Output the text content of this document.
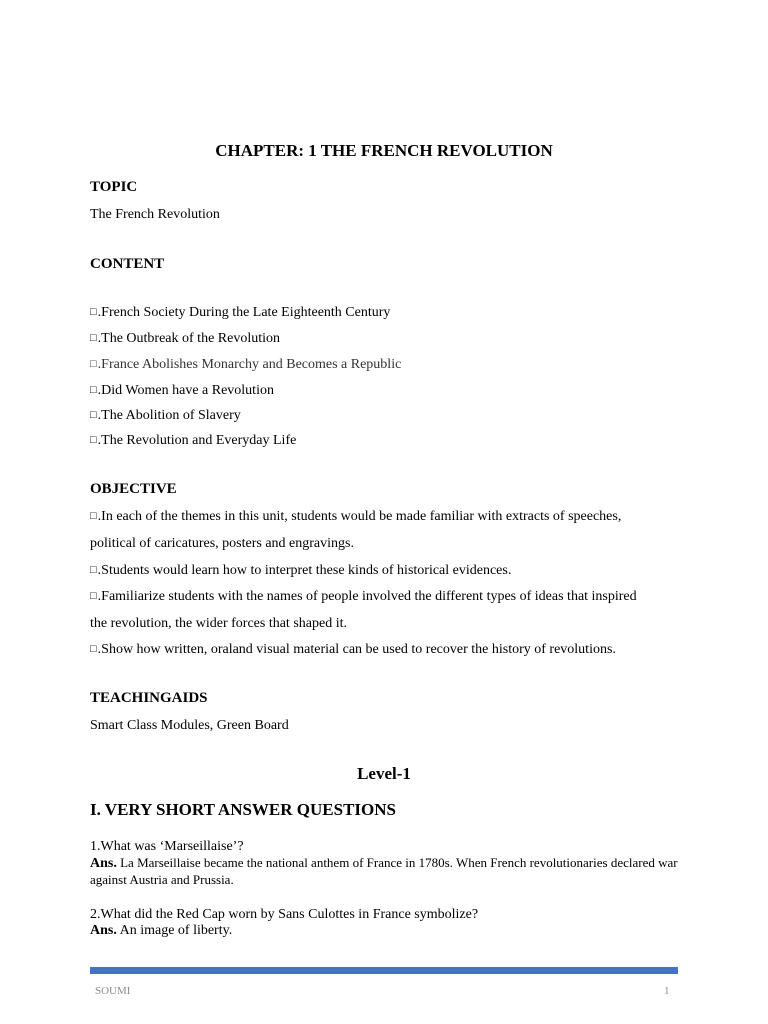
CHAPTER: 1 THE FRENCH REVOLUTION
TOPIC
The French Revolution
CONTENT
□.French Society During the Late Eighteenth Century
□.The Outbreak of the Revolution
□.France Abolishes Monarchy and Becomes a Republic
□.Did Women have a Revolution
□.The Abolition of Slavery
□.The Revolution and Everyday Life
OBJECTIVE
□.In each of the themes in this unit, students would be made familiar with extracts of speeches,
political of caricatures, posters and engravings.
□.Students would learn how to interpret these kinds of historical evidences.
□.Familiarize students with the names of people involved the different types of ideas that inspired
the revolution, the wider forces that shaped it.
□.Show how written, oraland visual material can be used to recover the history of revolutions.
TEACHINGAIDS
Smart Class Modules, Green Board
Level-1
I. VERY SHORT ANSWER QUESTIONS
1.What was ‘Marseillaise’?
Ans. La Marseillaise became the national anthem of France in 1780s. When French revolutionaries declared war against Austria and Prussia.
2.What did the Red Cap worn by Sans Culottes in France symbolize?
Ans. An image of liberty.
SOUMI	1
